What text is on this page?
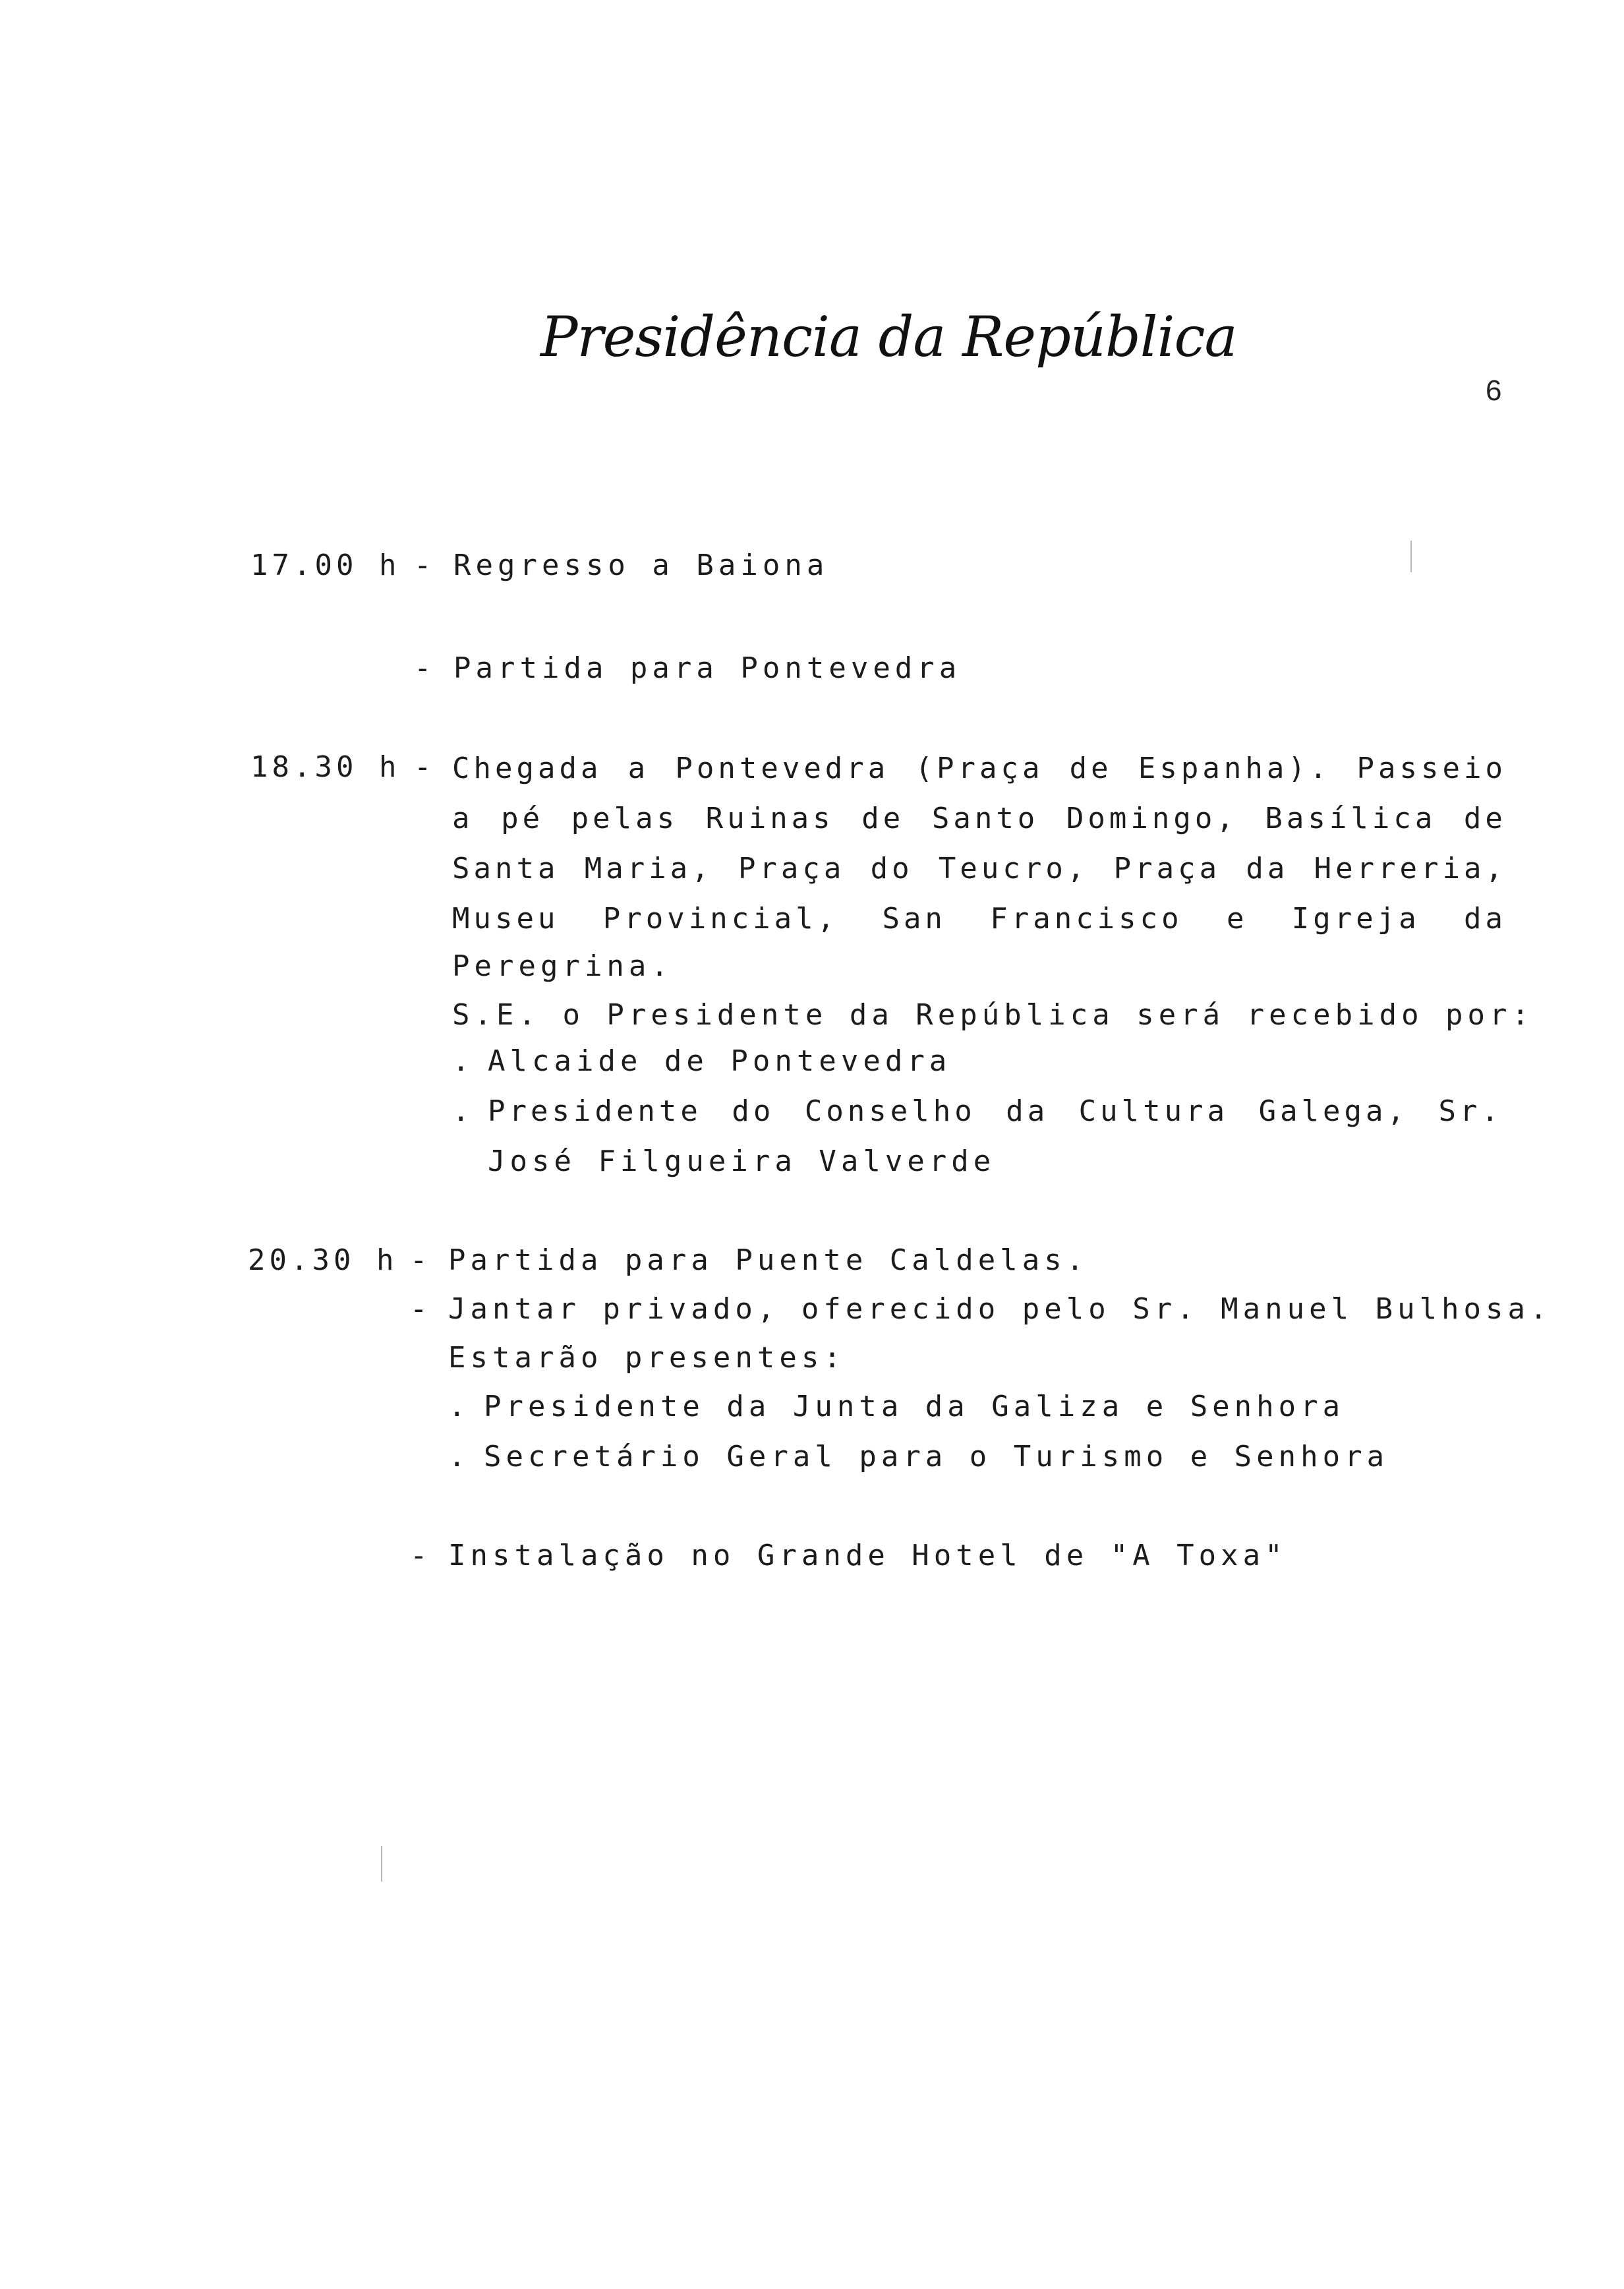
Presidência da República
6
17.00 h - Regresso a Baiona
- Partida para Pontevedra
18.30 h - Chegada a Pontevedra (Praça de Espanha). Passeio
a pé pelas Ruinas de Santo Domingo, Basílica de
Santa Maria, Praça do Teucro, Praça da Herreria,
Museu Provincial, San Francisco e Igreja da
Peregrina.
S.E. o Presidente da República será recebido por:
. Alcaide de Pontevedra
. Presidente do Conselho da Cultura Galega, Sr.
José Filgueira Valverde
20.30 h - Partida para Puente Caldelas.
- Jantar privado, oferecido pelo Sr. Manuel Bulhosa.
Estarão presentes:
. Presidente da Junta da Galiza e Senhora
. Secretário Geral para o Turismo e Senhora
- Instalação no Grande Hotel de "A Toxa"
